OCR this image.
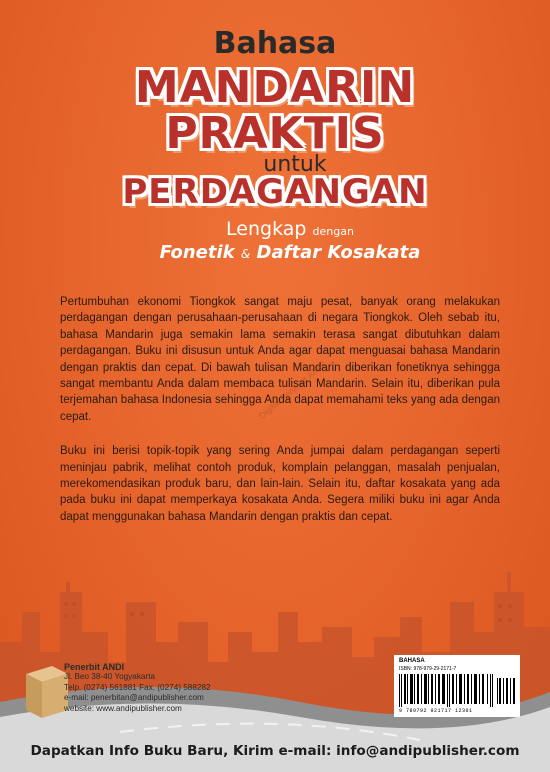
Bahasa
MANDARIN
PRAKTIS
untuk
PERDAGANGAN
Lengkap dengan
Fonetik & Daftar Kosakata

Pertumbuhan ekonomi Tiongkok sangat maju pesat, banyak orang melakukan perdagangan dengan perusahaan-perusahaan di negara Tiongkok. Oleh sebab itu, bahasa Mandarin juga semakin lama semakin terasa sangat dibutuhkan dalam perdagangan. Buku ini disusun untuk Anda agar dapat menguasai bahasa Mandarin dengan praktis dan cepat. Di bawah tulisan Mandarin diberikan fonetiknya sehingga sangat membantu Anda dalam membaca tulisan Mandarin. Selain itu, diberikan pula terjemahan bahasa Indonesia sehingga Anda dapat memahami teks yang ada dengan cepat.

Buku ini berisi topik-topik yang sering Anda jumpai dalam perdagangan seperti meninjau pabrik, melihat contoh produk, komplain pelanggan, masalah penjualan, merekomendasikan produk baru, dan lain-lain. Selain itu, daftar kosakata yang ada pada buku ini dapat memperkaya kosakata Anda. Segera miliki buku ini agar Anda dapat menggunakan bahasa Mandarin dengan praktis dan cepat.

Digital Penerbit ANDI
Penerbit ANDI
Jl. Beo 38-40 Yogyakarta
Telp. (0274) 561881 Fax. (0274) 588282
e-mail: penerbitan@andipublisher.com
website: www.andipublisher.com
BAHASA
ISBN: 978-979-29-2171-7
9 789792 921717 12301
Dapatkan Info Buku Baru, Kirim e-mail: info@andipublisher.com
